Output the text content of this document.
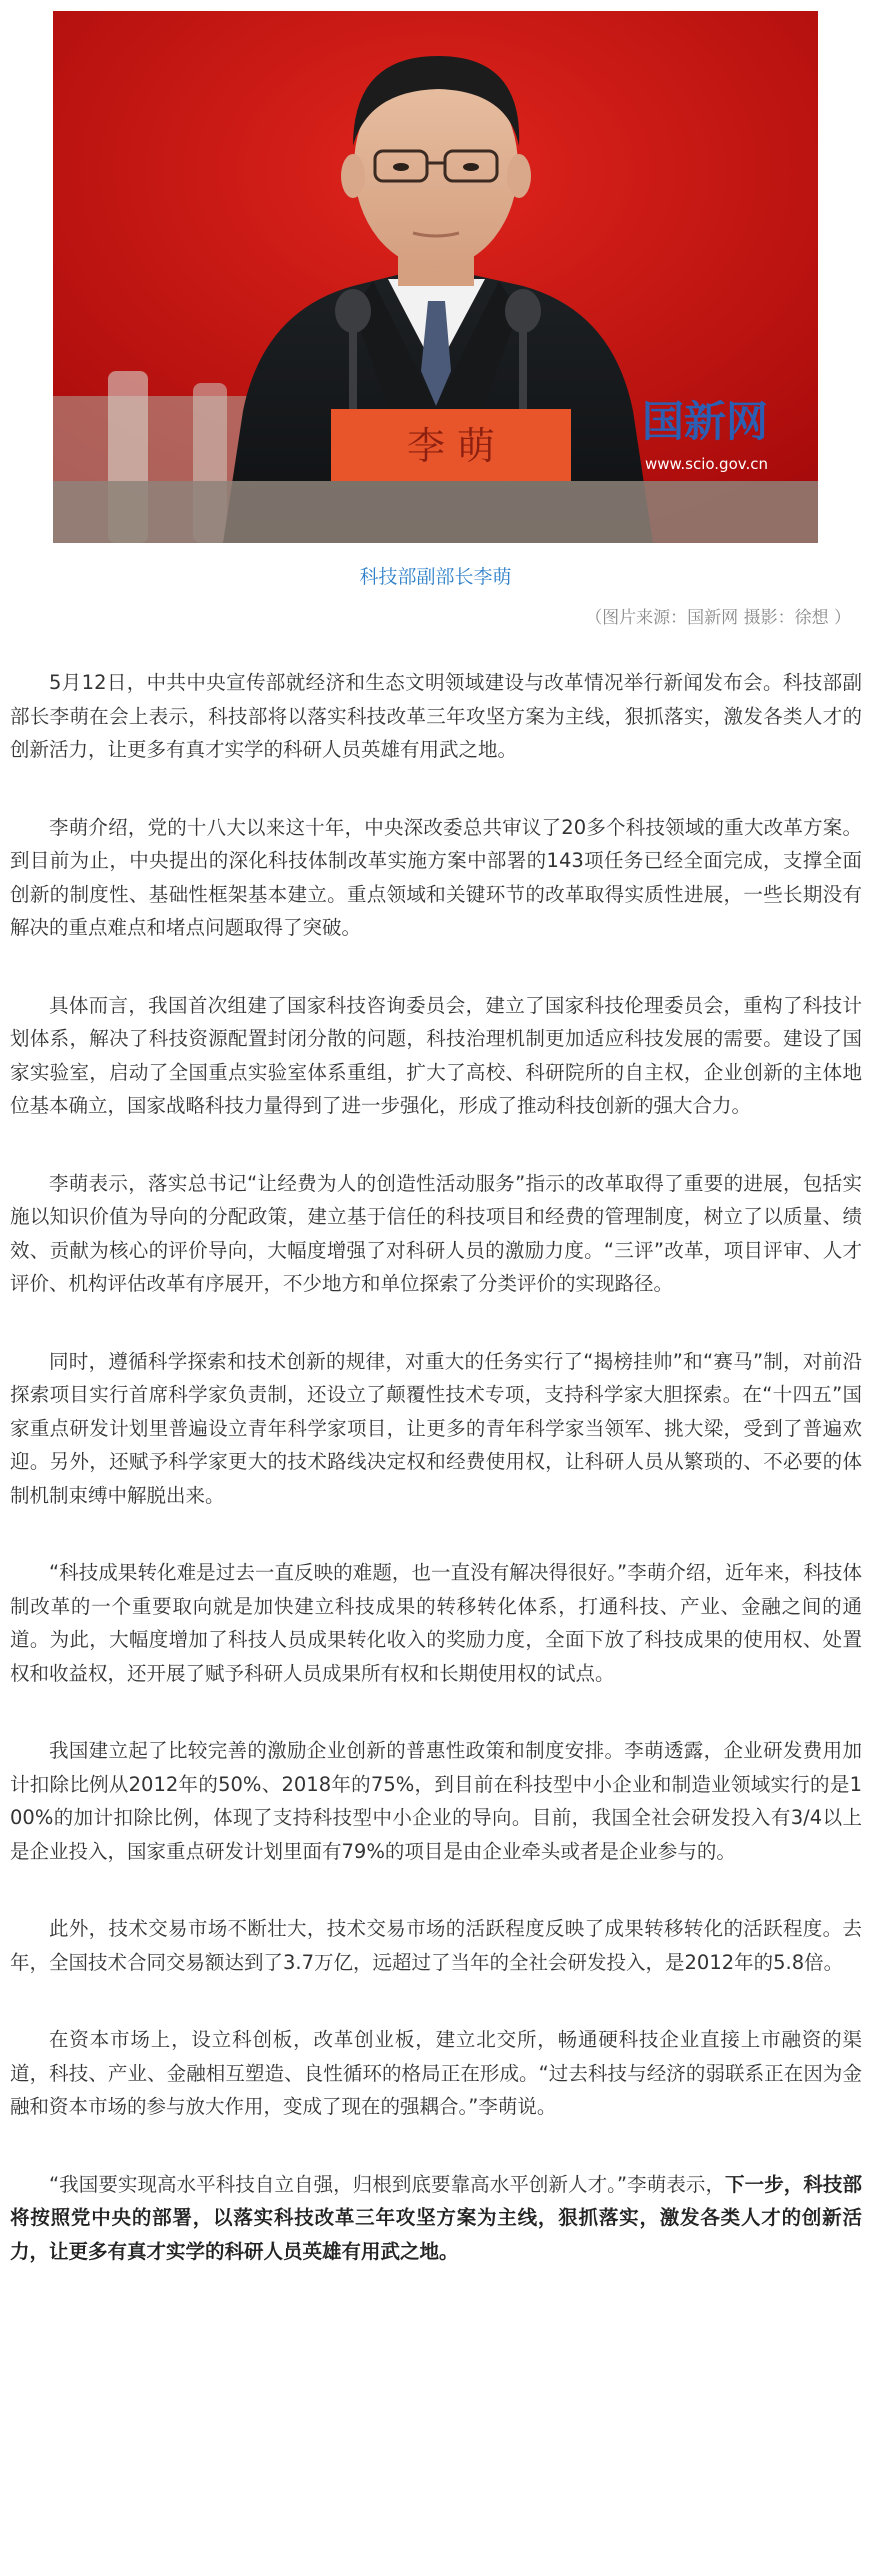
李 萌	国新网
www.scio.gov.cn
科技部副部长李萌
（图片来源：国新网 摄影：徐想 ）

5月12日，中共中央宣传部就经济和生态文明领域建设与改革情况举行新闻发布会。科技部副部长李萌在会上表示，科技部将以落实科技改革三年攻坚方案为主线，狠抓落实，激发各类人才的创新活力，让更多有真才实学的科研人员英雄有用武之地。

李萌介绍，党的十八大以来这十年，中央深改委总共审议了20多个科技领域的重大改革方案。到目前为止，中央提出的深化科技体制改革实施方案中部署的143项任务已经全面完成，支撑全面创新的制度性、基础性框架基本建立。重点领域和关键环节的改革取得实质性进展，一些长期没有解决的重点难点和堵点问题取得了突破。

具体而言，我国首次组建了国家科技咨询委员会，建立了国家科技伦理委员会，重构了科技计划体系，解决了科技资源配置封闭分散的问题，科技治理机制更加适应科技发展的需要。建设了国家实验室，启动了全国重点实验室体系重组，扩大了高校、科研院所的自主权，企业创新的主体地位基本确立，国家战略科技力量得到了进一步强化，形成了推动科技创新的强大合力。

李萌表示，落实总书记“让经费为人的创造性活动服务”指示的改革取得了重要的进展，包括实施以知识价值为导向的分配政策，建立基于信任的科技项目和经费的管理制度，树立了以质量、绩效、贡献为核心的评价导向，大幅度增强了对科研人员的激励力度。“三评”改革，项目评审、人才评价、机构评估改革有序展开，不少地方和单位探索了分类评价的实现路径。

同时，遵循科学探索和技术创新的规律，对重大的任务实行了“揭榜挂帅”和“赛马”制，对前沿探索项目实行首席科学家负责制，还设立了颠覆性技术专项，支持科学家大胆探索。在“十四五”国家重点研发计划里普遍设立青年科学家项目，让更多的青年科学家当领军、挑大梁，受到了普遍欢迎。另外，还赋予科学家更大的技术路线决定权和经费使用权，让科研人员从繁琐的、不必要的体制机制束缚中解脱出来。

“科技成果转化难是过去一直反映的难题，也一直没有解决得很好。”李萌介绍，近年来，科技体制改革的一个重要取向就是加快建立科技成果的转移转化体系，打通科技、产业、金融之间的通道。为此，大幅度增加了科技人员成果转化收入的奖励力度，全面下放了科技成果的使用权、处置权和收益权，还开展了赋予科研人员成果所有权和长期使用权的试点。

我国建立起了比较完善的激励企业创新的普惠性政策和制度安排。李萌透露，企业研发费用加计扣除比例从2012年的50%、2018年的75%，到目前在科技型中小企业和制造业领域实行的是100%的加计扣除比例，体现了支持科技型中小企业的导向。目前，我国全社会研发投入有3/4以上是企业投入，国家重点研发计划里面有79%的项目是由企业牵头或者是企业参与的。

此外，技术交易市场不断壮大，技术交易市场的活跃程度反映了成果转移转化的活跃程度。去年，全国技术合同交易额达到了3.7万亿，远超过了当年的全社会研发投入，是2012年的5.8倍。

在资本市场上，设立科创板，改革创业板，建立北交所，畅通硬科技企业直接上市融资的渠道，科技、产业、金融相互塑造、良性循环的格局正在形成。“过去科技与经济的弱联系正在因为金融和资本市场的参与放大作用，变成了现在的强耦合。”李萌说。

“我国要实现高水平科技自立自强，归根到底要靠高水平创新人才。”李萌表示，下一步，科技部将按照党中央的部署，以落实科技改革三年攻坚方案为主线，狠抓落实，激发各类人才的创新活力，让更多有真才实学的科研人员英雄有用武之地。
